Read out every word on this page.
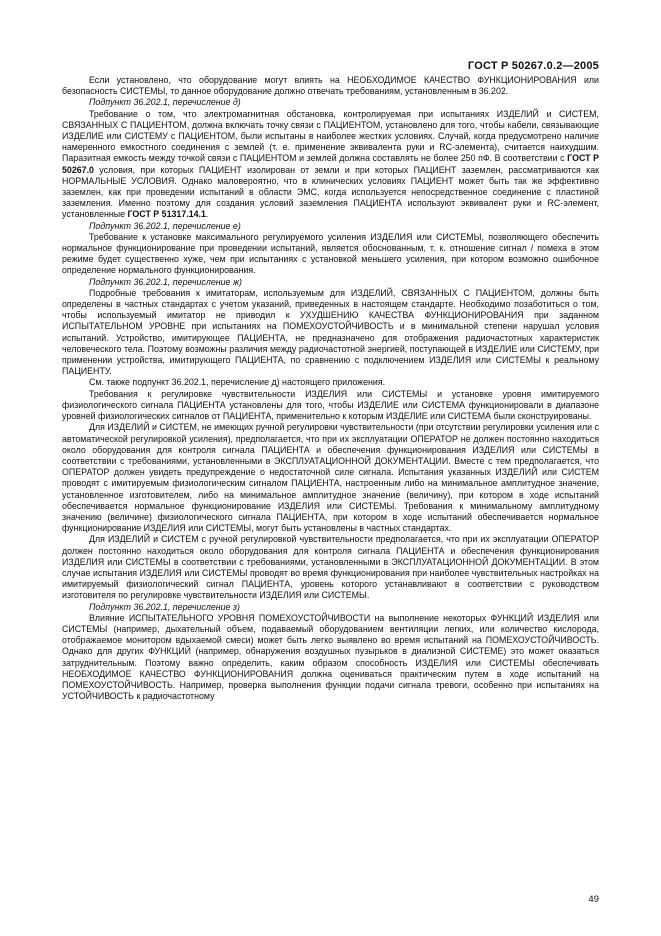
ГОСТ Р 50267.0.2—2005

Если установлено, что оборудование могут влиять на НЕОБХОДИМОЕ КАЧЕСТВО ФУНКЦИОНИРОВАНИЯ или безопасность СИСТЕМЫ, то данное оборудование должно отвечать требованиям, установленным в 36.202.

Подпункт 36.202.1, перечисление д)

Требование о том, что электромагнитная обстановка, контролируемая при испытаниях ИЗДЕЛИЙ и СИСТЕМ, СВЯЗАННЫХ С ПАЦИЕНТОМ, должна включать точку связи с ПАЦИЕНТОМ, установлено для того, чтобы кабели, связывающие ИЗДЕЛИЕ или СИСТЕМУ с ПАЦИЕНТОМ, были испытаны в наиболее жестких условиях. Случай, когда предусмотрено наличие намеренного емкостного соединения с землей (т. е. применение эквивалента руки и RC-элемента), считается наихудшим. Паразитная емкость между точкой связи с ПАЦИЕНТОМ и землей должна составлять не более 250 пФ. В соответствии с ГОСТ Р 50267.0 условия, при которых ПАЦИЕНТ изолирован от земли и при которых ПАЦИЕНТ заземлен, рассматриваются как НОРМАЛЬНЫЕ УСЛОВИЯ. Однако маловероятно, что в клинических условиях ПАЦИЕНТ может быть так же эффективно заземлен, как при проведении испытаний в области ЭМС, когда используется непосредственное соединение с пластиной заземления. Именно поэтому для создания условий заземления ПАЦИЕНТА используют эквивалент руки и RC-элемент, установленные ГОСТ Р 51317.14.1.

Подпункт 36.202.1, перечисление е)

Требование к установке максимального регулируемого усиления ИЗДЕЛИЯ или СИСТЕМЫ, позволяющего обеспечить нормальное функционирование при проведении испытаний, является обоснованным, т. к. отношение сигнал / помеха в этом режиме будет существенно хуже, чем при испытаниях с установкой меньшего усиления, при котором возможно ошибочное определение нормального функционирования.

Подпункт 36.202.1, перечисление ж)

Подробные требования к имитаторам, используемым для ИЗДЕЛИЙ, СВЯЗАННЫХ С ПАЦИЕНТОМ, должны быть определены в частных стандартах с учетом указаний, приведенных в настоящем стандарте. Необходимо позаботиться о том, чтобы используемый имитатор не приводил к УХУДШЕНИЮ КАЧЕСТВА ФУНКЦИОНИРОВАНИЯ при заданном ИСПЫТАТЕЛЬНОМ УРОВНЕ при испытаниях на ПОМЕХОУСТОЙЧИВОСТЬ и в минимальной степени нарушал условия испытаний. Устройство, имитирующее ПАЦИЕНТА, не предназначено для отображения радиочастотных характеристик человеческого тела. Поэтому возможны различия между радиочастотной энергией, поступающей в ИЗДЕЛИЕ или СИСТЕМУ, при применении устройства, имитирующего ПАЦИЕНТА, по сравнению с подключением ИЗДЕЛИЯ или СИСТЕМЫ к реальному ПАЦИЕНТУ.

См. также подпункт 36.202.1, перечисление д) настоящего приложения.

Требования к регулировке чувствительности ИЗДЕЛИЯ или СИСТЕМЫ и установке уровня имитируемого физиологического сигнала ПАЦИЕНТА установлены для того, чтобы ИЗДЕЛИЕ или СИСТЕМА функционировали в диапазоне уровней физиологических сигналов от ПАЦИЕНТА, применительно к которым ИЗДЕЛИЕ или СИСТЕМА были сконструированы.

Для ИЗДЕЛИЙ и СИСТЕМ, не имеющих ручной регулировки чувствительности (при отсутствии регулировки усиления или с автоматической регулировкой усиления), предполагается, что при их эксплуатации ОПЕРАТОР не должен постоянно находиться около оборудования для контроля сигнала ПАЦИЕНТА и обеспечения функционирования ИЗДЕЛИЯ или СИСТЕМЫ в соответствии с требованиями, установленными в ЭКСПЛУАТАЦИОННОЙ ДОКУМЕНТАЦИИ. Вместе с тем предполагается, что ОПЕРАТОР должен увидеть предупреждение о недостаточной силе сигнала. Испытания указанных ИЗДЕЛИЙ или СИСТЕМ проводят с имитируемым физиологическим сигналом ПАЦИЕНТА, настроенным либо на минимальное амплитудное значение, установленное изготовителем, либо на минимальное амплитудное значение (величину), при котором в ходе испытаний обеспечивается нормальное функционирование ИЗДЕЛИЯ или СИСТЕМЫ. Требования к минимальному амплитудному значению (величине) физиологического сигнала ПАЦИЕНТА, при котором в ходе испытаний обеспечивается нормальное функционирование ИЗДЕЛИЯ или СИСТЕМЫ, могут быть установлены в частных стандартах.

Для ИЗДЕЛИЙ и СИСТЕМ с ручной регулировкой чувствительности предполагается, что при их эксплуатации ОПЕРАТОР должен постоянно находиться около оборудования для контроля сигнала ПАЦИЕНТА и обеспечения функционирования ИЗДЕЛИЯ или СИСТЕМЫ в соответствии с требованиями, установленными в ЭКСПЛУАТАЦИОННОЙ ДОКУМЕНТАЦИИ. В этом случае испытания ИЗДЕЛИЯ или СИСТЕМЫ проводят во время функционирования при наиболее чувствительных настройках на имитируемый физиологический сигнал ПАЦИЕНТА, уровень которого устанавливают в соответствии с руководством изготовителя по регулировке чувствительности ИЗДЕЛИЯ или СИСТЕМЫ.

Подпункт 36.202.1, перечисление з)

Влияние ИСПЫТАТЕЛЬНОГО УРОВНЯ ПОМЕХОУСТОЙЧИВОСТИ на выполнение некоторых ФУНКЦИЙ ИЗДЕЛИЯ или СИСТЕМЫ (например, дыхательный объем, подаваемый оборудованием вентиляции легких, или количество кислорода, отображаемое монитором вдыхаемой смеси) может быть легко выявлено во время испытаний на ПОМЕХОУСТОЙЧИВОСТЬ. Однако для других ФУНКЦИЙ (например, обнаружения воздушных пузырьков в диализной СИСТЕМЕ) это может оказаться затруднительным. Поэтому важно определить, каким образом способность ИЗДЕЛИЯ или СИСТЕМЫ обеспечивать НЕОБХОДИМОЕ КАЧЕСТВО ФУНКЦИОНИРОВАНИЯ должна оцениваться практическим путем в ходе испытаний на ПОМЕХОУСТОЙЧИВОСТЬ. Например, проверка выполнения функции подачи сигнала тревоги, особенно при испытаниях на УСТОЙЧИВОСТЬ к радиочастотному

49
